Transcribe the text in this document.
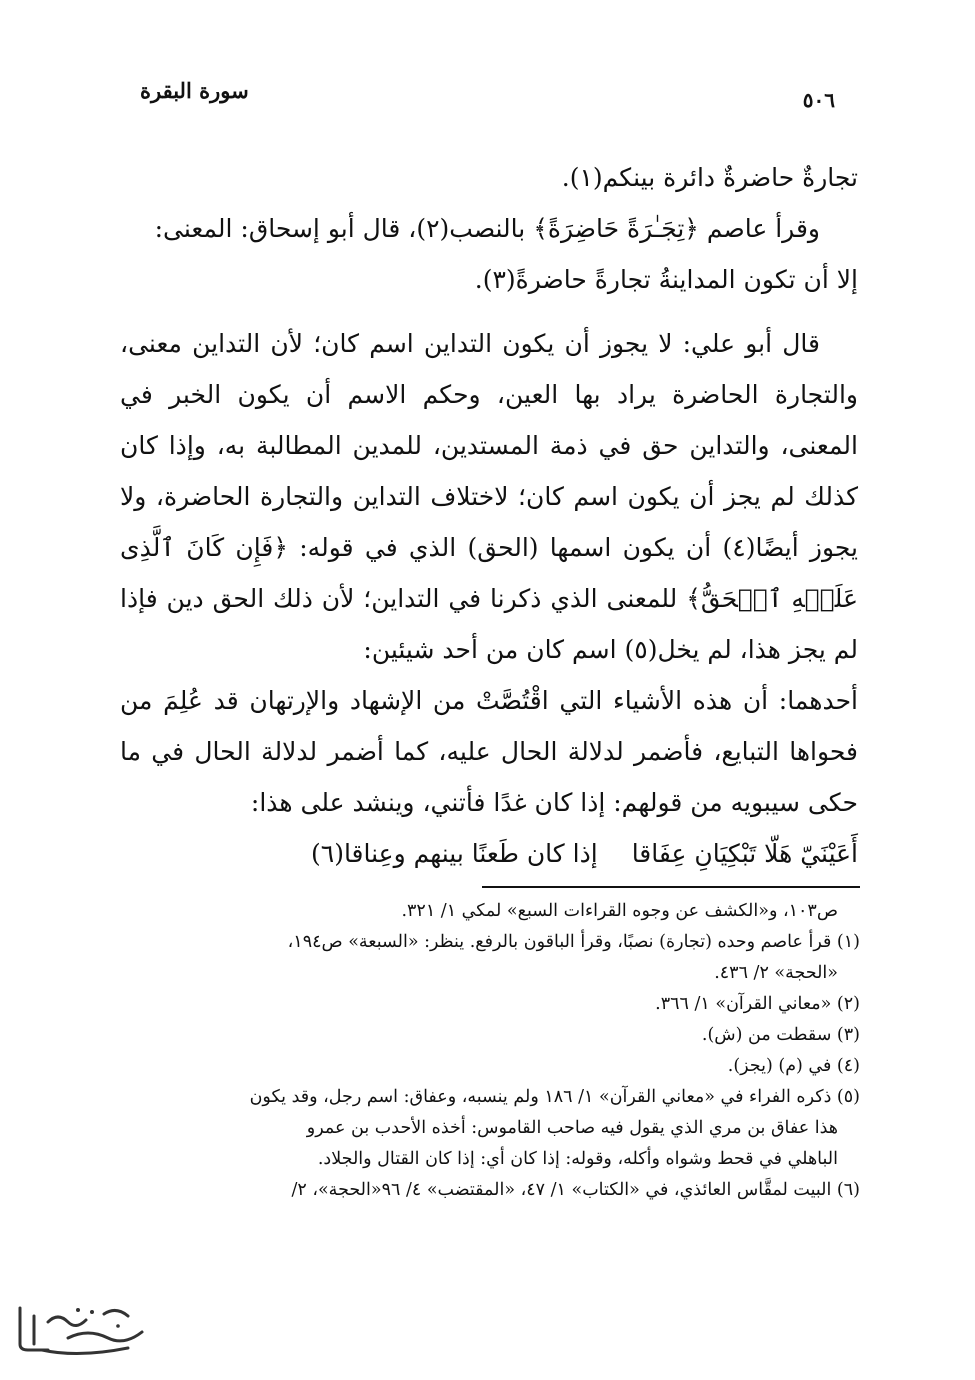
سورة البقرة	٥٠٦

تجارةٌ حاضرةٌ دائرة بينكم(١).

وقرأ عاصم ﴿تِجَـٰرَةً حَاضِرَةً﴾ بالنصب(٢)، قال أبو إسحاق: المعنى:

إلا أن تكون المداينةُ تجارةً حاضرةً(٣).

قال أبو علي: لا يجوز أن يكون التداين اسم كان؛ لأن التداين معنى، والتجارة الحاضرة يراد بها العين، وحكم الاسم أن يكون الخبر في المعنى، والتداين حق في ذمة المستدين، للمدين المطالبة به، وإذا كان كذلك لم يجز أن يكون اسم كان؛ لاختلاف التداين والتجارة الحاضرة، ولا يجوز أيضًا(٤) أن يكون اسمها (الحق) الذي في قوله: ﴿فَإِن كَانَ ٱلَّذِى عَلَيۡهِ ٱلۡحَقُّ﴾ للمعنى الذي ذكرنا في التداين؛ لأن ذلك الحق دين فإذا لم يجز هذا، لم يخل(٥) اسم كان من أحد شيئين:

أحدهما: أن هذه الأشياء التي اقْتُصَّتْ من الإشهاد والإرتهان قد عُلِمَ من فحواها التبايع، فأضمر لدلالة الحال عليه، كما أضمر لدلالة الحال في ما حكى سيبويه من قولهم: إذا كان غدًا فأتني، وينشد على هذا:

أَعَيْنَيّ هَلّا تَبْكِيَانِ عِفَاقا
إذا كان طَعنًا بينهم وعِناقا(٦)

ص١٠٣، و«الكشف عن وجوه القراءات السبع» لمكي ١/ ٣٢١.

(١) قرأ عاصم وحده (تجارة) نصبًا، وقرأ الباقون بالرفع. ينظر: «السبعة» ص١٩٤،

«الحجة» ٢/ ٤٣٦.

(٢) «معاني القرآن» ١/ ٣٦٦.

(٣) سقطت من (ش).

(٤) في (م) (يجز).

(٥) ذكره الفراء في «معاني القرآن» ١/ ١٨٦ ولم ينسبه، وعفاق: اسم رجل، وقد يكون

هذا عفاق بن مري الذي يقول فيه صاحب القاموس: أخذه الأحدب بن عمرو

الباهلي في قحط وشواه وأكله، وقوله: إذا كان أي: إذا كان القتال والجلاد.

(٦) البيت لمقَّاس العائذي، في «الكتاب» ١/ ٤٧، «المقتضب» ٤/ ٩٦«الحجة»، ٢/
